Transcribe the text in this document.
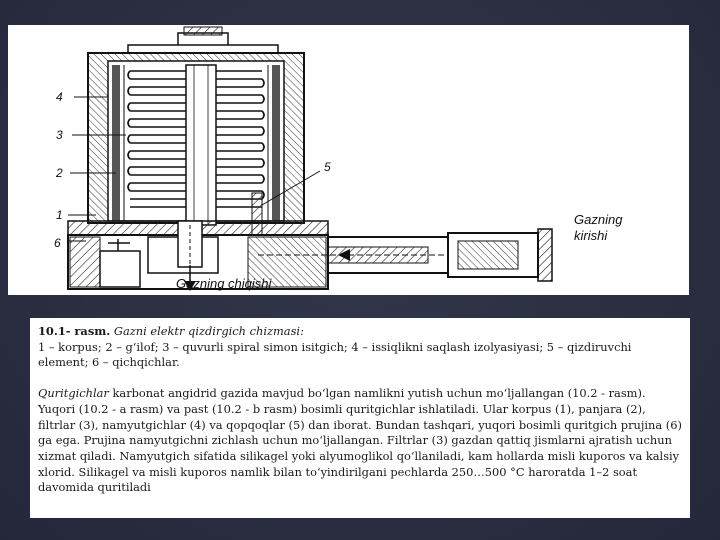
4
3
2
1
6
5
Gazning
kirishi
Gazning chiqishi

10.1- rasm. Gazni elektr qizdirgich chizmasi:

1 – korpus; 2 – g‘ilof; 3 – quvurli spiral simon isitgich; 4 – issiqlikni saqlash izolyasiyasi; 5 – qizdiruvchi element; 6 – qichqichlar.

Quritgichlar karbonat angidrid gazida mavjud bo‘lgan namlikni yutish uchun mo‘ljallangan (10.2 - rasm). Yuqori (10.2 - a rasm) va past (10.2 - b rasm) bosimli quritgichlar ishlatiladi. Ular korpus (1), panjara (2), filtrlar (3), namyutgichlar (4) va qopqoqlar (5) dan iborat. Bundan tashqari, yuqori bosimli quritgich prujina (6) ga ega. Prujina namyutgichni zichlash uchun mo‘ljallangan. Filtrlar (3) gazdan qattiq jismlarni ajratish uchun xizmat qiladi. Namyutgich sifatida silikagel yoki alyumoglikol qo‘llaniladi, kam hollarda misli kuporos va kalsiy xlorid. Silikagel va misli kuporos namlik bilan to‘yindirilgani pechlarda 250…500 °C haroratda 1–2 soat davomida quritiladi
